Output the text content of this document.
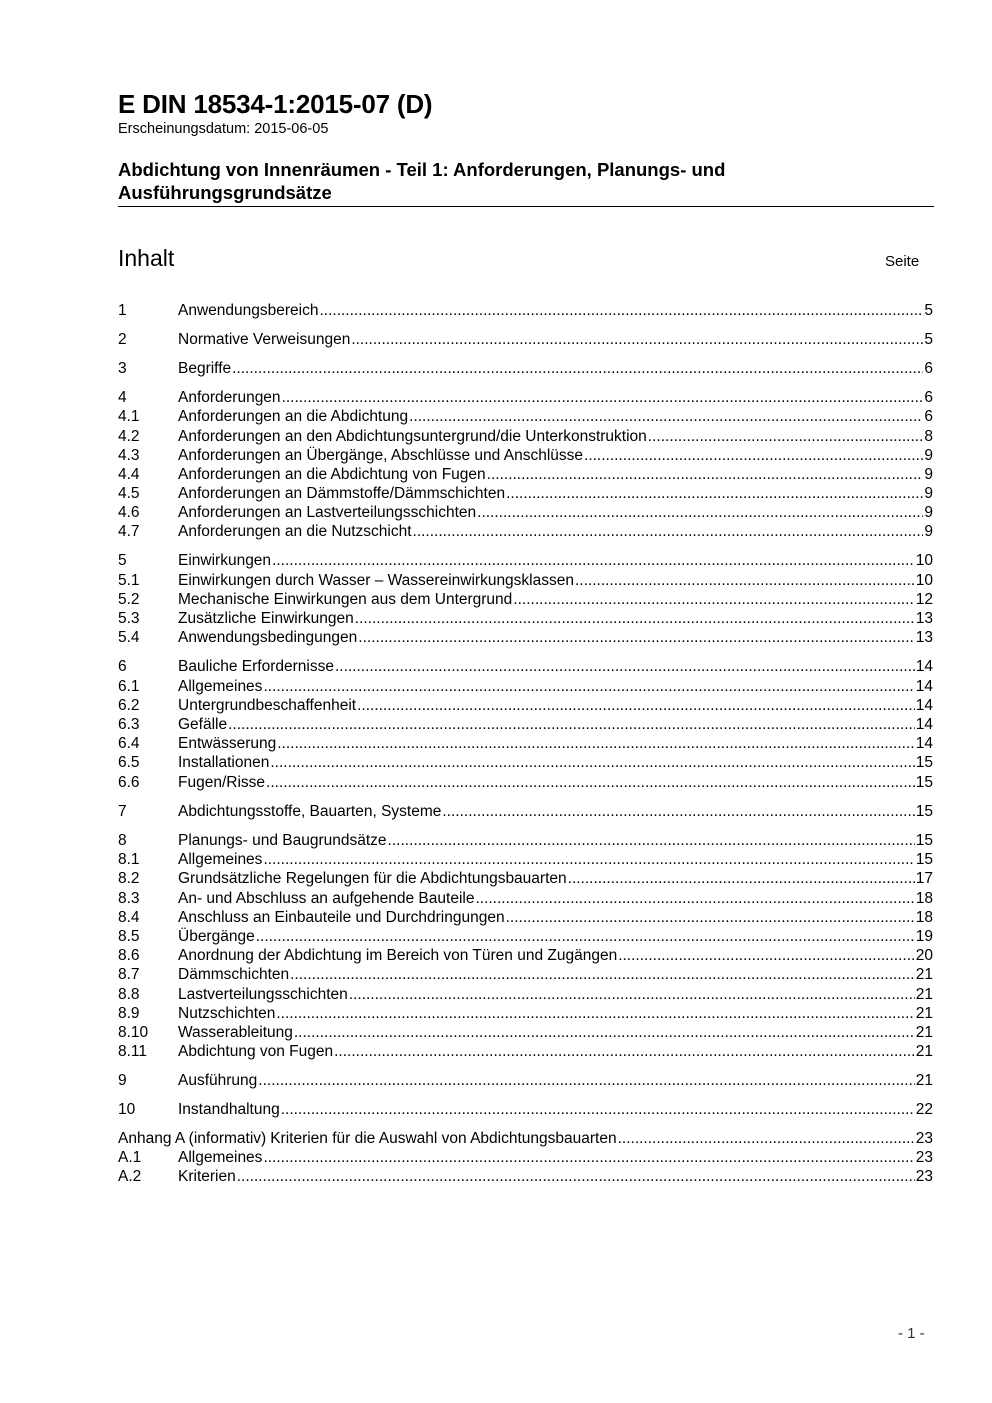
E DIN 18534-1:2015-07 (D)
Erscheinungsdatum: 2015-06-05
Abdichtung von Innenräumen - Teil 1: Anforderungen, Planungs- und Ausführungsgrundsätze
Inhalt	Seite
1	Anwendungsbereich .....	5
2	Normative Verweisungen .....	5
3	Begriffe .....	6
4	Anforderungen .....	6
4.1	Anforderungen an die Abdichtung .....	6
4.2	Anforderungen an den Abdichtungsuntergrund/die Unterkonstruktion .....	8
4.3	Anforderungen an Übergänge, Abschlüsse und Anschlüsse .....	9
4.4	Anforderungen an die Abdichtung von Fugen .....	9
4.5	Anforderungen an Dämmstoffe/Dämmschichten .....	9
4.6	Anforderungen an Lastverteilungsschichten .....	9
4.7	Anforderungen an die Nutzschicht .....	9
5	Einwirkungen .....	10
5.1	Einwirkungen durch Wasser – Wassereinwirkungsklassen .....	10
5.2	Mechanische Einwirkungen aus dem Untergrund .....	12
5.3	Zusätzliche Einwirkungen .....	13
5.4	Anwendungsbedingungen .....	13
6	Bauliche Erfordernisse .....	14
6.1	Allgemeines .....	14
6.2	Untergrundbeschaffenheit .....	14
6.3	Gefälle .....	14
6.4	Entwässerung .....	14
6.5	Installationen .....	15
6.6	Fugen/Risse .....	15
7	Abdichtungsstoffe, Bauarten, Systeme .....	15
8	Planungs- und Baugrundsätze .....	15
8.1	Allgemeines .....	15
8.2	Grundsätzliche Regelungen für die Abdichtungsbauarten .....	17
8.3	An- und Abschluss an aufgehende Bauteile .....	18
8.4	Anschluss an Einbauteile und Durchdringungen .....	18
8.5	Übergänge .....	19
8.6	Anordnung der Abdichtung im Bereich von Türen und Zugängen .....	20
8.7	Dämmschichten .....	21
8.8	Lastverteilungsschichten .....	21
8.9	Nutzschichten .....	21
8.10	Wasserableitung .....	21
8.11	Abdichtung von Fugen .....	21
9	Ausführung .....	21
10	Instandhaltung .....	22
Anhang A (informativ) Kriterien für die Auswahl von Abdichtungsbauarten .....	23
A.1	Allgemeines .....	23
A.2	Kriterien .....	23
- 1 -
